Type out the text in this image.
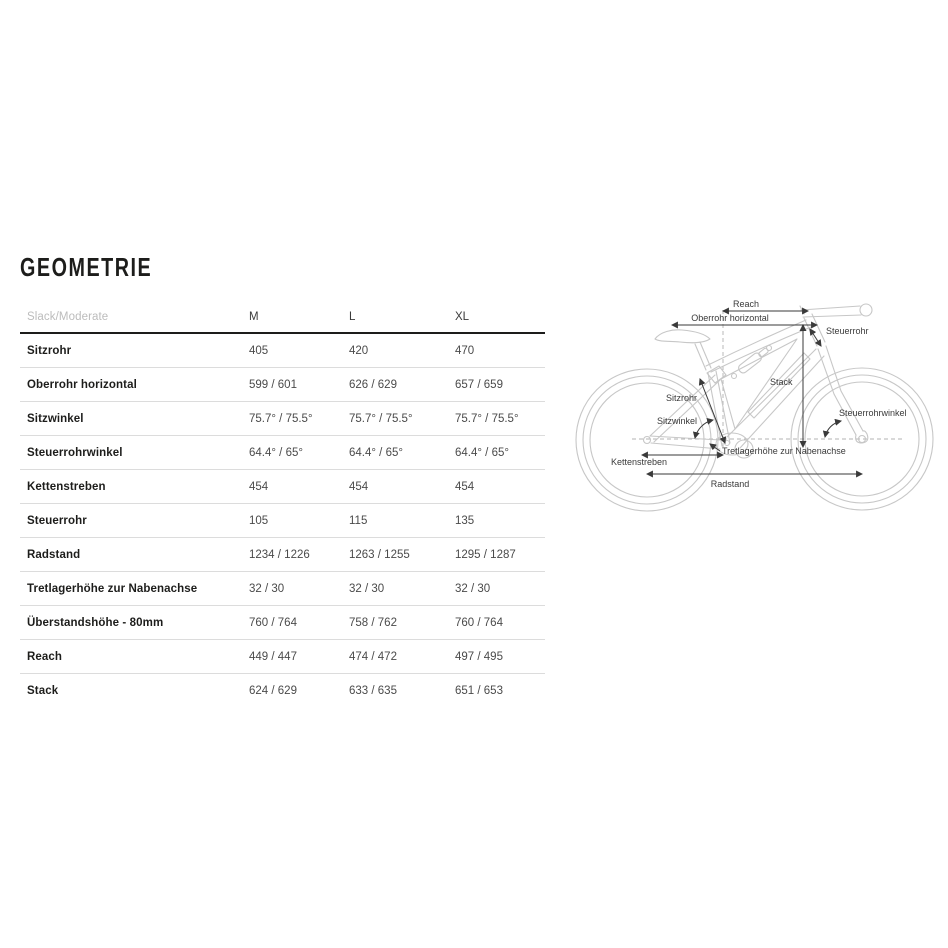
GEOMETRIE
Slack/Moderate	M	L	XL
Sitzrohr	405	420	470
Oberrohr horizontal	599 / 601	626 / 629	657 / 659
Sitzwinkel	75.7° / 75.5°	75.7° / 75.5°	75.7° / 75.5°
Steuerrohrwinkel	64.4° / 65°	64.4° / 65°	64.4° / 65°
Kettenstreben	454	454	454
Steuerrohr	105	115	135
Radstand	1234 / 1226	1263 / 1255	1295 / 1287
Tretlagerhöhe zur Nabenachse	32 / 30	32 / 30	32 / 30
Überstandshöhe - 80mm	760 / 764	758 / 762	760 / 764
Reach	449 / 447	474 / 472	497 / 495
Stack	624 / 629	633 / 635	651 / 653
Reach
Oberrohr horizontal
Steuerrohr
Stack
Sitzrohr
Sitzwinkel
Steuerrohrwinkel
Tretlagerhöhe zur Nabenachse
Kettenstreben
Radstand
